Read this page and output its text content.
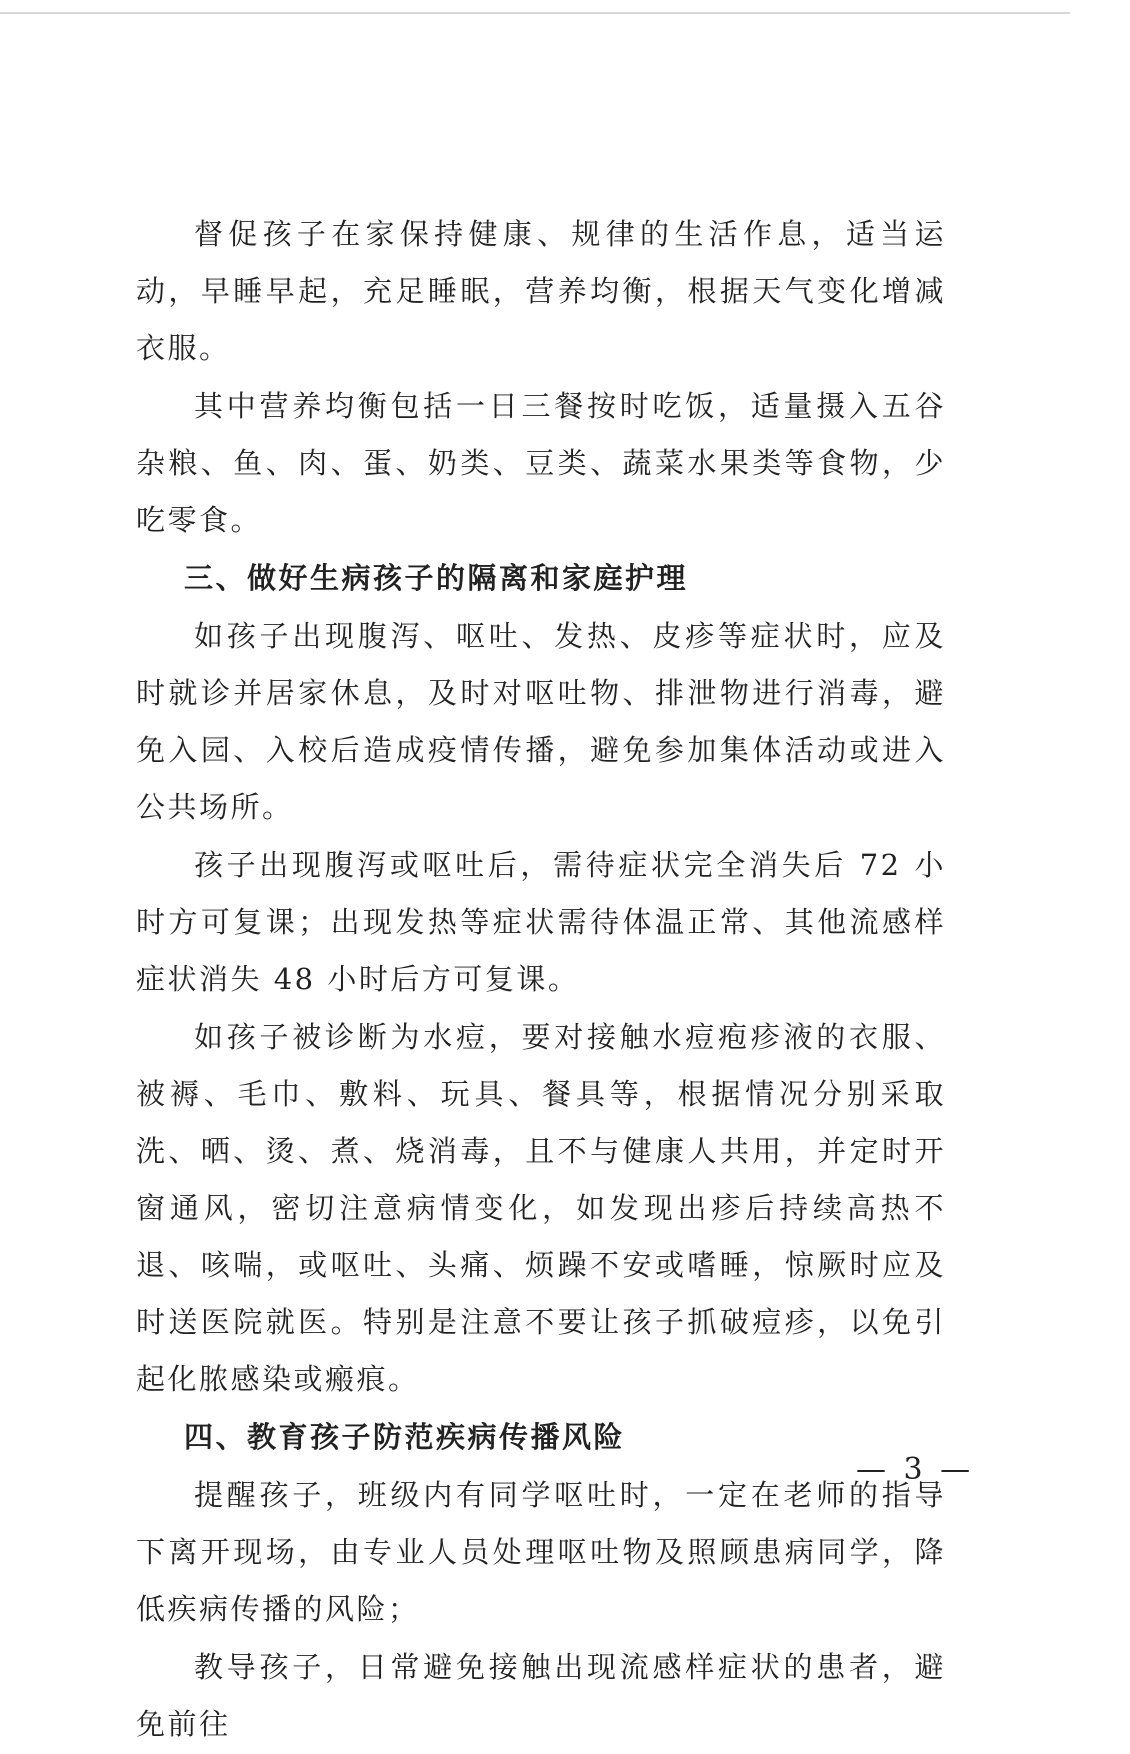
督促孩子在家保持健康、规律的生活作息，适当运动，早睡早起，充足睡眠，营养均衡，根据天气变化增减衣服。

其中营养均衡包括一日三餐按时吃饭，适量摄入五谷杂粮、鱼、肉、蛋、奶类、豆类、蔬菜水果类等食物，少吃零食。

三、做好生病孩子的隔离和家庭护理

如孩子出现腹泻、呕吐、发热、皮疹等症状时，应及时就诊并居家休息，及时对呕吐物、排泄物进行消毒，避免入园、入校后造成疫情传播，避免参加集体活动或进入公共场所。

孩子出现腹泻或呕吐后，需待症状完全消失后 72 小时方可复课；出现发热等症状需待体温正常、其他流感样症状消失 48 小时后方可复课。

如孩子被诊断为水痘，要对接触水痘疱疹液的衣服、被褥、毛巾、敷料、玩具、餐具等，根据情况分别采取洗、晒、烫、煮、烧消毒，且不与健康人共用，并定时开窗通风，密切注意病情变化，如发现出疹后持续高热不退、咳喘，或呕吐、头痛、烦躁不安或嗜睡，惊厥时应及时送医院就医。特别是注意不要让孩子抓破痘疹，以免引起化脓感染或瘢痕。

四、教育孩子防范疾病传播风险

提醒孩子，班级内有同学呕吐时，一定在老师的指导下离开现场，由专业人员处理呕吐物及照顾患病同学，降低疾病传播的风险；

教导孩子，日常避免接触出现流感样症状的患者，避免前往

— 3 —
